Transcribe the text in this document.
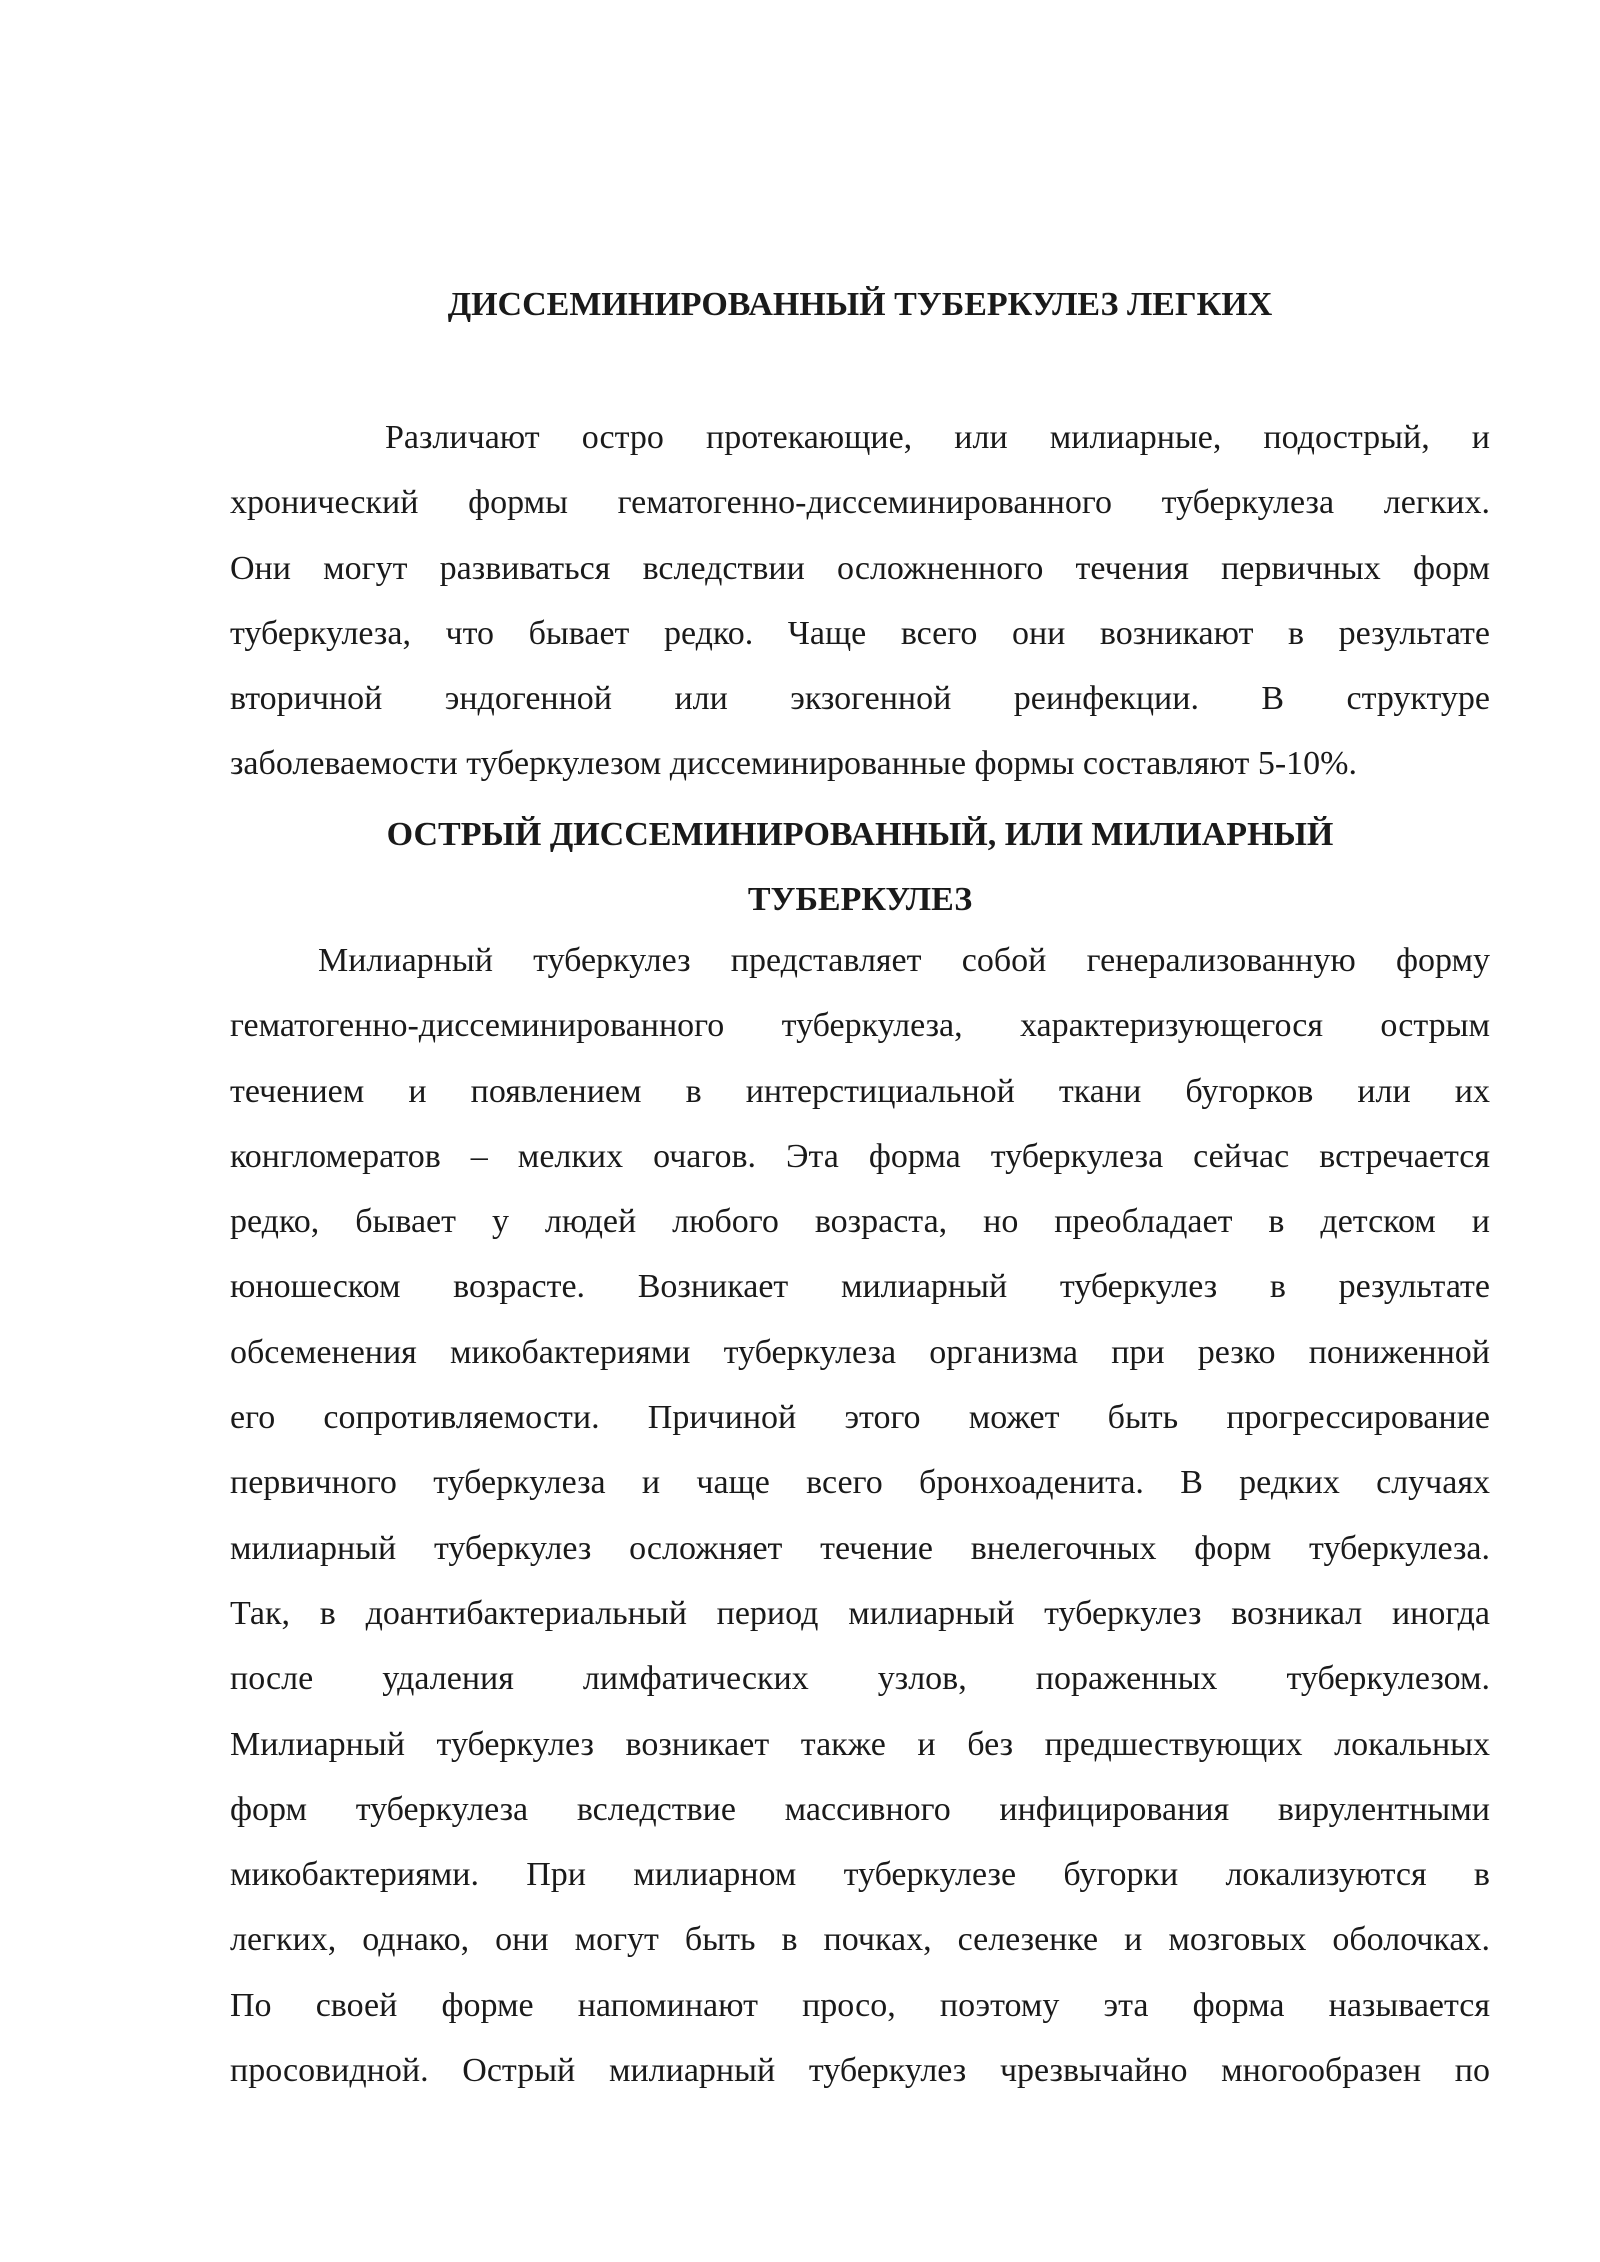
ДИССЕМИНИРОВАННЫЙ ТУБЕРКУЛЕЗ ЛЕГКИХ
Различают остро протекающие, или милиарные, подострый, и
хронический формы гематогенно-диссеминированного туберкулеза легких.
Они могут развиваться вследствии осложненного течения первичных форм
туберкулеза, что бывает редко. Чаще всего они возникают в результате
вторичной эндогенной или экзогенной реинфекции. В структуре
заболеваемости туберкулезом диссеминированные формы составляют 5-10%.
ОСТРЫЙ ДИССЕМИНИРОВАННЫЙ, ИЛИ МИЛИАРНЫЙ
ТУБЕРКУЛЕЗ
Милиарный туберкулез представляет собой генерализованную форму
гематогенно-диссеминированного туберкулеза, характеризующегося острым
течением и появлением в интерстициальной ткани бугорков или их
конгломератов – мелких очагов. Эта форма туберкулеза сейчас встречается
редко, бывает у людей любого возраста, но преобладает в детском и
юношеском возрасте. Возникает милиарный туберкулез в результате
обсеменения микобактериями туберкулеза организма при резко пониженной
его сопротивляемости. Причиной этого может быть прогрессирование
первичного туберкулеза и чаще всего бронхоаденита. В редких случаях
милиарный туберкулез осложняет течение внелегочных форм туберкулеза.
Так, в доантибактериальный период милиарный туберкулез возникал иногда
после удаления лимфатических узлов, пораженных туберкулезом.
Милиарный туберкулез возникает также и без предшествующих локальных
форм туберкулеза вследствие массивного инфицирования вирулентными
микобактериями. При милиарном туберкулезе бугорки локализуются в
легких, однако, они могут быть в почках, селезенке и мозговых оболочках.
По своей форме напоминают просо, поэтому эта форма называется
просовидной. Острый милиарный туберкулез чрезвычайно многообразен по
